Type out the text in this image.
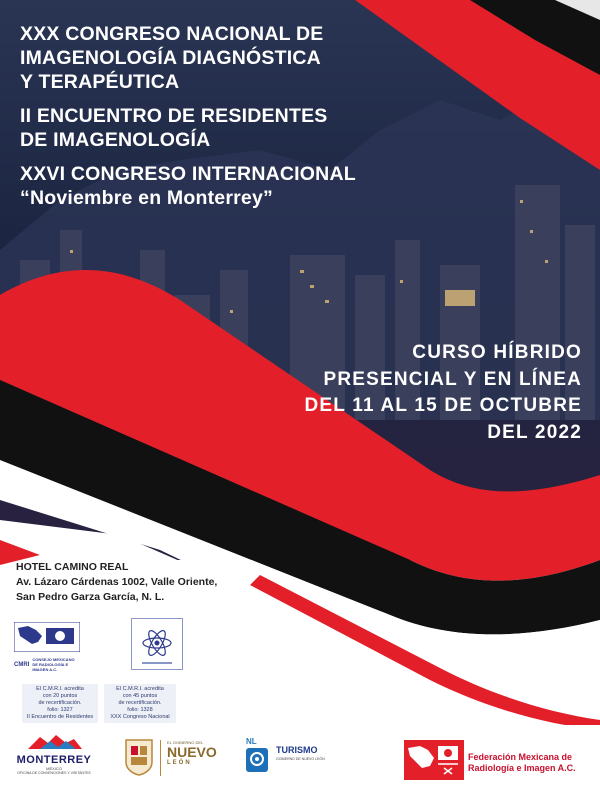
XXX CONGRESO NACIONAL DE
IMAGENOLOGÍA DIAGNÓSTICA
Y TERAPÉUTICA
II ENCUENTRO DE RESIDENTES
DE IMAGENOLOGÍA
XXVI CONGRESO INTERNACIONAL
“Noviembre en Monterrey”
CURSO HÍBRIDO
PRESENCIAL Y EN LÍNEA
DEL 11 AL 15 DE OCTUBRE
DEL 2022
HOTEL CAMINO REAL
Av. Lázaro Cárdenas 1002, Valle Oriente,
San Pedro Garza García, N. L.
CMRI
CONSEJO MEXICANO DE RADIOLOGÍA E IMAGEN A.C.
El C.M.R.I. acredita
con 20 puntos
de recertificación.
folio: 1327
II Encuentro de Residentes
El C.M.R.I. acredita
con 45 puntos
de recertificación.
folio: 1328
XXX Congreso Nacional
MONTERREY
MÉXICO
OFICINA DE CONVENCIONES Y VISITANTES
EL GOBIERNO DEL
NUEVO
LEÓN
NL
TURISMO
GOBIERNO DE NUEVO LEÓN	Federación Mexicana de
Radiología e Imagen A.C.
